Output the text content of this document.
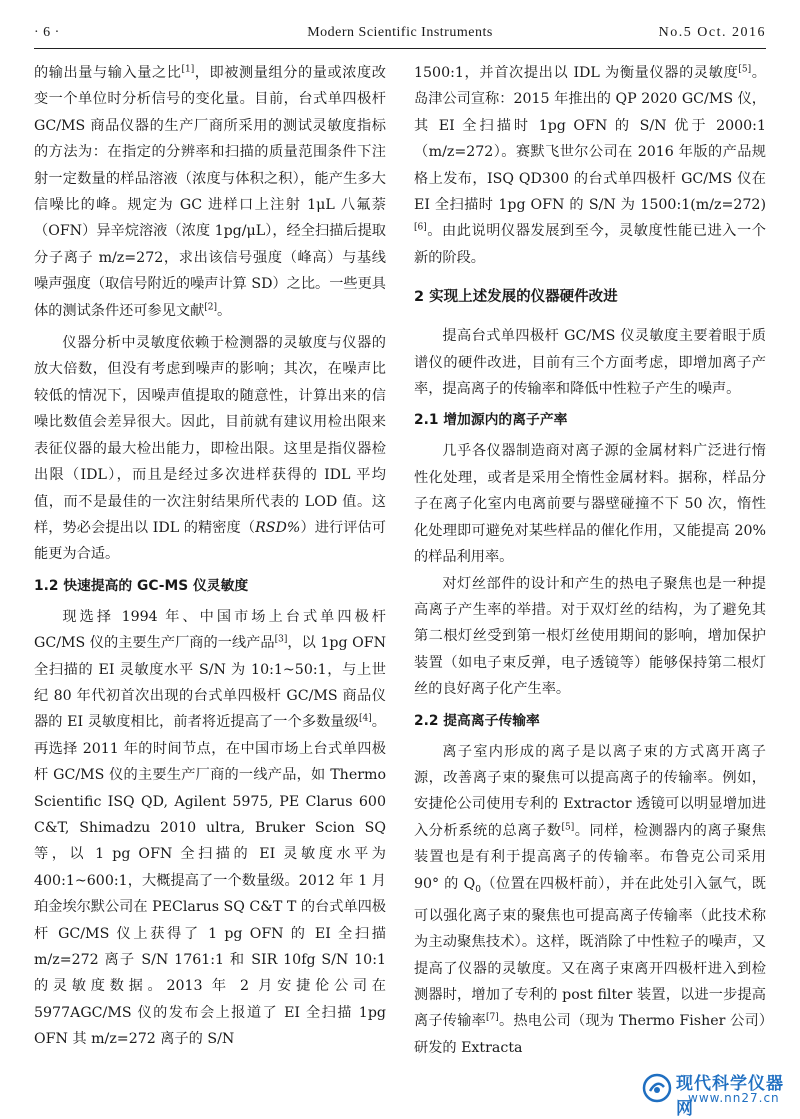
· 6 ·	Modern Scientific Instruments	No.5 Oct. 2016

的输出量与输入量之比[1]，即被测量组分的量或浓度改变一个单位时分析信号的变化量。目前，台式单四极杆 GC/MS 商品仪器的生产厂商所采用的测试灵敏度指标的方法为：在指定的分辨率和扫描的质量范围条件下注射一定数量的样品溶液（浓度与体积之积），能产生多大信噪比的峰。规定为 GC 进样口上注射 1μL 八氟萘（OFN）异辛烷溶液（浓度 1pg/μL），经全扫描后提取分子离子 m/z=272，求出该信号强度（峰高）与基线噪声强度（取信号附近的噪声计算 SD）之比。一些更具体的测试条件还可参见文献[2]。

仪器分析中灵敏度依赖于检测器的灵敏度与仪器的放大倍数，但没有考虑到噪声的影响；其次，在噪声比较低的情况下，因噪声值提取的随意性，计算出来的信噪比数值会差异很大。因此，目前就有建议用检出限来表征仪器的最大检出能力，即检出限。这里是指仪器检出限（IDL），而且是经过多次进样获得的 IDL 平均值，而不是最佳的一次注射结果所代表的 LOD 值。这样，势必会提出以 IDL 的精密度（RSD%）进行评估可能更为合适。

1.2 快速提高的 GC-MS 仪灵敏度

现选择 1994 年、中国市场上台式单四极杆 GC/MS 仪的主要生产厂商的一线产品[3]，以 1pg OFN 全扫描的 EI 灵敏度水平 S/N 为 10:1~50:1，与上世纪 80 年代初首次出现的台式单四极杆 GC/MS 商品仪器的 EI 灵敏度相比，前者将近提高了一个多数量级[4]。再选择 2011 年的时间节点，在中国市场上台式单四极杆 GC/MS 仪的主要生产厂商的一线产品，如 Thermo Scientific ISQ QD, Agilent 5975, PE Clarus 600 C&T, Shimadzu 2010 ultra, Bruker Scion SQ 等，以 1 pg OFN 全扫描的 EI 灵敏度水平为 400:1~600:1，大概提高了一个数量级。2012 年 1 月珀金埃尔默公司在 PEClarus SQ C&T T 的台式单四极杆 GC/MS 仪上获得了 1 pg OFN 的 EI 全扫描 m/z=272 离子 S/N 1761:1 和 SIR 10fg S/N 10:1 的灵敏度数据。2013 年 2 月安捷伦公司在 5977AGC/MS 仪的发布会上报道了 EI 全扫描 1pg OFN 其 m/z=272 离子的 S/N

1500:1，并首次提出以 IDL 为衡量仪器的灵敏度[5]。岛津公司宣称：2015 年推出的 QP 2020 GC/MS 仪，其 EI 全扫描时 1pg OFN 的 S/N 优于 2000:1（m/z=272）。赛默飞世尔公司在 2016 年版的产品规格上发布，ISQ QD300 的台式单四极杆 GC/MS 仪在 EI 全扫描时 1pg OFN 的 S/N 为 1500:1(m/z=272)[6]。由此说明仪器发展到至今，灵敏度性能已进入一个新的阶段。

2 实现上述发展的仪器硬件改进

提高台式单四极杆 GC/MS 仪灵敏度主要着眼于质谱仪的硬件改进，目前有三个方面考虑，即增加离子产率，提高离子的传输率和降低中性粒子产生的噪声。

2.1 增加源内的离子产率

几乎各仪器制造商对离子源的金属材料广泛进行惰性化处理，或者是采用全惰性金属材料。据称，样品分子在离子化室内电离前要与器壁碰撞不下 50 次，惰性化处理即可避免对某些样品的催化作用，又能提高 20% 的样品利用率。

对灯丝部件的设计和产生的热电子聚焦也是一种提高离子产生率的举措。对于双灯丝的结构，为了避免其第二根灯丝受到第一根灯丝使用期间的影响，增加保护装置（如电子束反弹，电子透镜等）能够保持第二根灯丝的良好离子化产生率。

2.2 提高离子传输率

离子室内形成的离子是以离子束的方式离开离子源，改善离子束的聚焦可以提高离子的传输率。例如，安捷伦公司使用专利的 Extractor 透镜可以明显增加进入分析系统的总离子数[5]。同样，检测器内的离子聚焦装置也是有利于提高离子的传输率。布鲁克公司采用 90° 的 $Q_0$（位置在四极杆前），并在此处引入氩气，既可以强化离子束的聚焦也可提高离子传输率（此技术称为主动聚焦技术）。这样，既消除了中性粒子的噪声，又提高了仪器的灵敏度。又在离子束离开四极杆进入到检测器时，增加了专利的 post filter 装置，以进一步提高离子传输率[7]。热电公司（现为 Thermo Fisher 公司）研发的 Extracta

现代科学仪器网
www.nn27.cn
